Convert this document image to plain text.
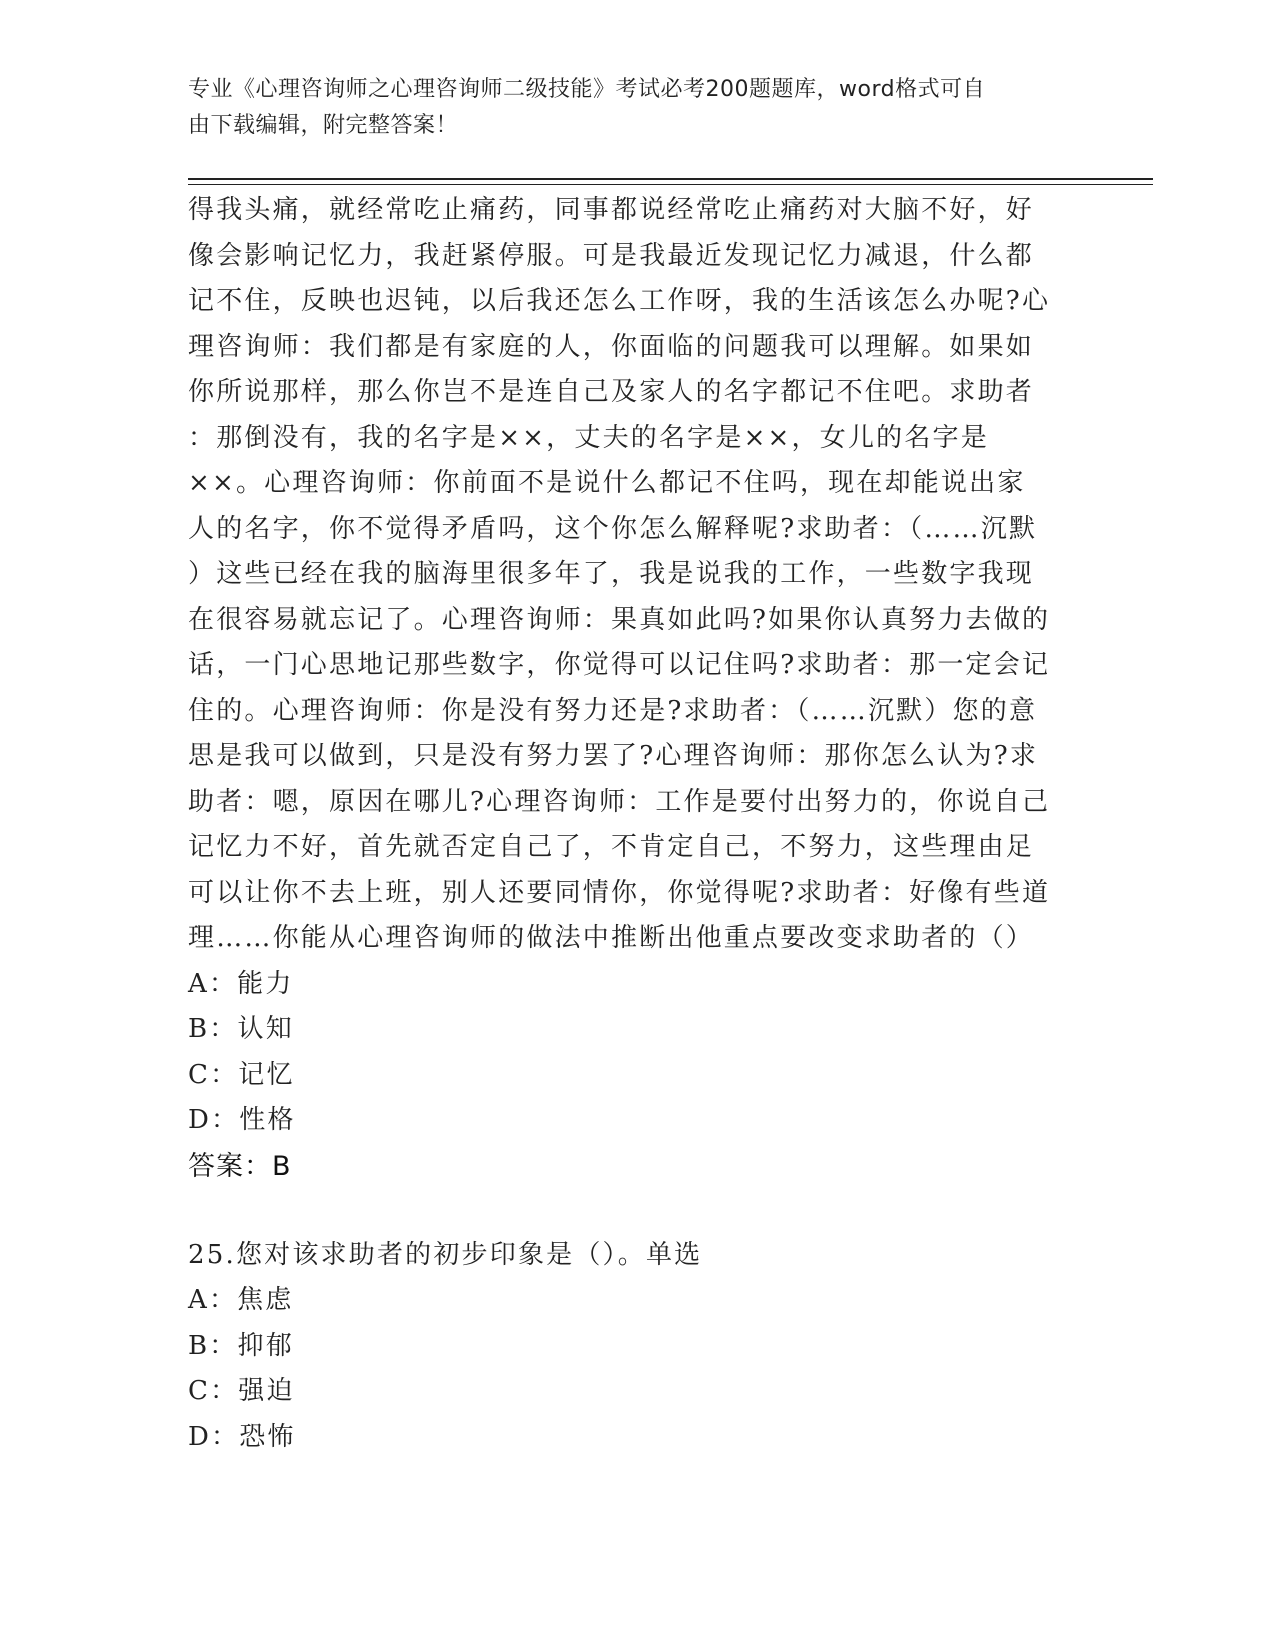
专业《心理咨询师之心理咨询师二级技能》考试必考200题题库，word格式可自
由下载编辑，附完整答案！
得我头痛，就经常吃止痛药，同事都说经常吃止痛药对大脑不好，好
像会影响记忆力，我赶紧停服。可是我最近发现记忆力减退，什么都
记不住，反映也迟钝，以后我还怎么工作呀，我的生活该怎么办呢?心
理咨询师：我们都是有家庭的人，你面临的问题我可以理解。如果如
你所说那样，那么你岂不是连自己及家人的名字都记不住吧。求助者
：那倒没有，我的名字是××，丈夫的名字是××，女儿的名字是
××。心理咨询师：你前面不是说什么都记不住吗，现在却能说出家
人的名字，你不觉得矛盾吗，这个你怎么解释呢?求助者：（……沉默
）这些已经在我的脑海里很多年了，我是说我的工作，一些数字我现
在很容易就忘记了。心理咨询师：果真如此吗?如果你认真努力去做的
话，一门心思地记那些数字，你觉得可以记住吗?求助者：那一定会记
住的。心理咨询师：你是没有努力还是?求助者：（……沉默）您的意
思是我可以做到，只是没有努力罢了?心理咨询师：那你怎么认为?求
助者：嗯，原因在哪儿?心理咨询师：工作是要付出努力的，你说自己
记忆力不好，首先就否定自己了，不肯定自己，不努力，这些理由足
可以让你不去上班，别人还要同情你，你觉得呢?求助者：好像有些道
理……你能从心理咨询师的做法中推断出他重点要改变求助者的（）
A：能力
B：认知
C：记忆
D：性格
答案：B
25.您对该求助者的初步印象是（）。单选
A：焦虑
B：抑郁
C：强迫
D：恐怖
